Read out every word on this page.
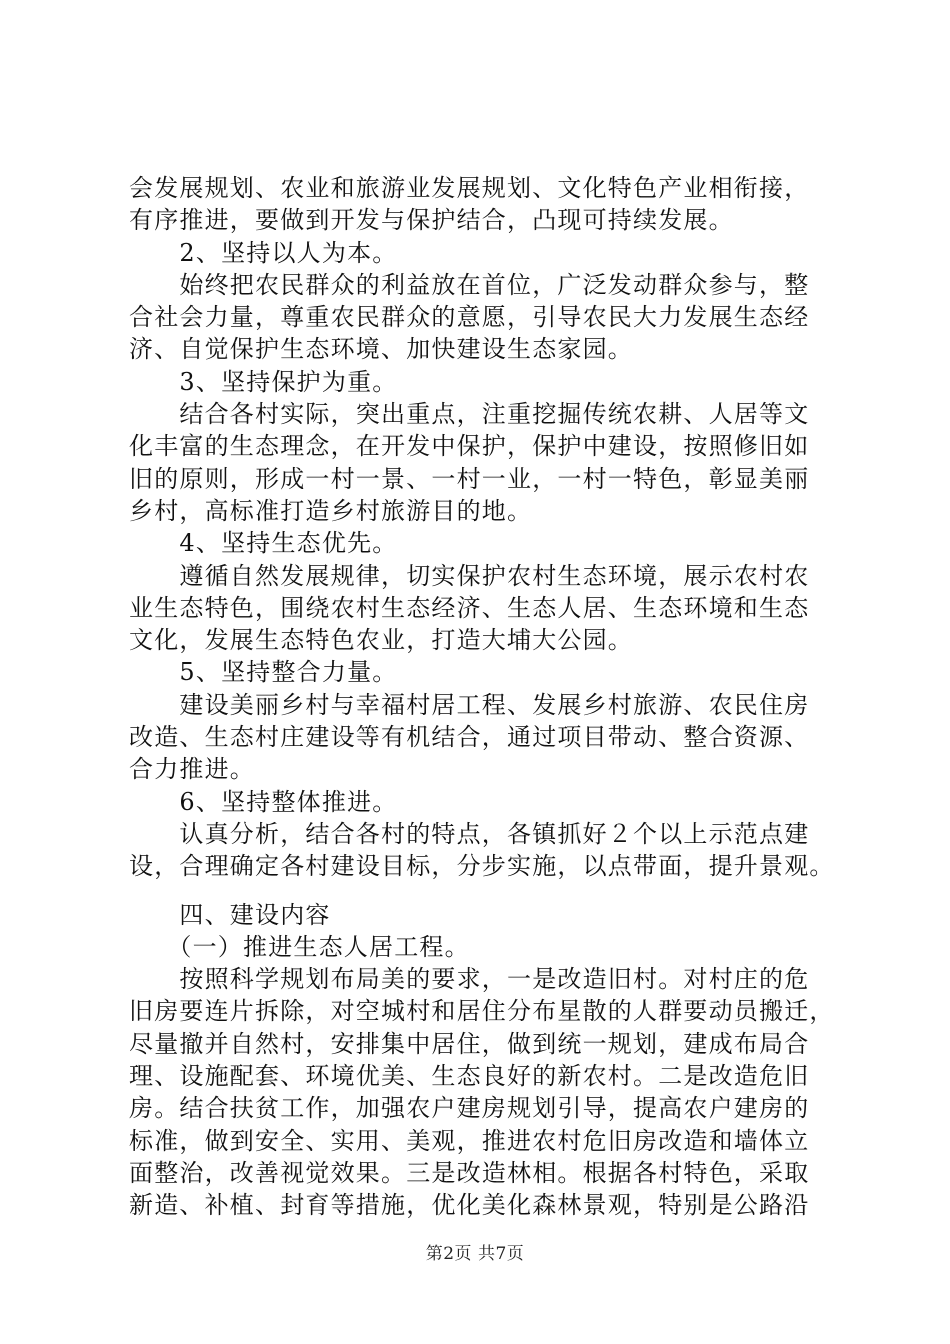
会发展规划、农业和旅游业发展规划、文化特色产业相衔接，
有序推进，要做到开发与保护结合，凸现可持续发展。
　　2、坚持以人为本。
　　始终把农民群众的利益放在首位，广泛发动群众参与，整
合社会力量，尊重农民群众的意愿，引导农民大力发展生态经
济、自觉保护生态环境、加快建设生态家园。
　　3、坚持保护为重。
　　结合各村实际，突出重点，注重挖掘传统农耕、人居等文
化丰富的生态理念，在开发中保护，保护中建设，按照修旧如
旧的原则，形成一村一景、一村一业，一村一特色，彰显美丽
乡村，高标准打造乡村旅游目的地。
　　4、坚持生态优先。
　　遵循自然发展规律，切实保护农村生态环境，展示农村农
业生态特色，围绕农村生态经济、生态人居、生态环境和生态
文化，发展生态特色农业，打造大埔大公园。
　　5、坚持整合力量。
　　建设美丽乡村与幸福村居工程、发展乡村旅游、农民住房
改造、生态村庄建设等有机结合，通过项目带动、整合资源、
合力推进。
　　6、坚持整体推进。
　　认真分析，结合各村的特点，各镇抓好２个以上示范点建
设，合理确定各村建设目标，分步实施，以点带面，提升景观。
　　四、建设内容
　　（一）推进生态人居工程。
　　按照科学规划布局美的要求，一是改造旧村。对村庄的危
旧房要连片拆除，对空城村和居住分布星散的人群要动员搬迁，
尽量撤并自然村，安排集中居住，做到统一规划，建成布局合
理、设施配套、环境优美、生态良好的新农村。二是改造危旧
房。结合扶贫工作，加强农户建房规划引导，提高农户建房的
标准，做到安全、实用、美观，推进农村危旧房改造和墙体立
面整治，改善视觉效果。三是改造林相。根据各村特色，采取
新造、补植、封育等措施，优化美化森林景观，特别是公路沿
第2页 共7页
